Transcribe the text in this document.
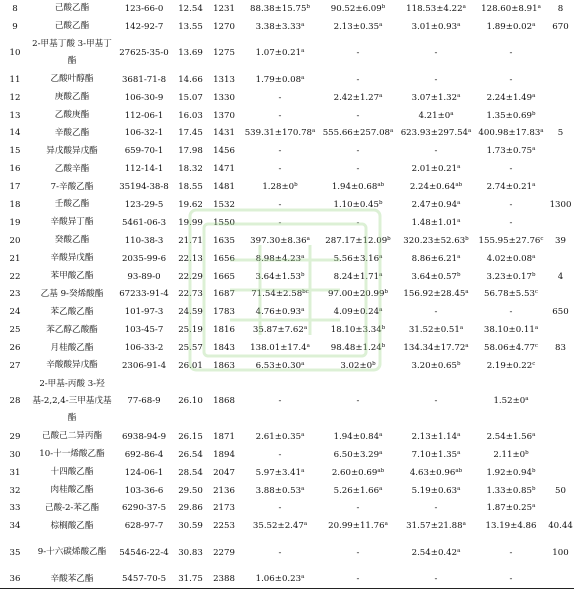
8	己酸乙酯	123-66-0	12.54	1231	88.38±15.75$^b$	90.52±6.09$^b$	118.53±4.22$^a$	128.60±8.91$^a$	8
9	己酸乙酯	142-92-7	13.55	1270	3.38±3.33$^a$	2.13±0.35$^a$	3.01±0.93$^a$	1.89±0.02$^a$	670
10	2-甲基丁酸 3-甲基丁酯	27625-35-0	13.69	1275	1.07±0.21$^a$	-	-	-	
11	乙酸叶醇酯	3681-71-8	14.66	1313	1.79±0.08$^a$	-	-	-	
12	庚酸乙酯	106-30-9	15.07	1330	-	2.42±1.27$^a$	3.07±1.32$^a$	2.24±1.49$^a$	
13	乙酸庚酯	112-06-1	16.03	1370	-	-	$4.21\pm 0^a$	1.35±0.69$^b$	
14	辛酸乙酯	106-32-1	17.45	1431	539.31±170.78$^a$	555.66±257.08$^a$	623.93±297.54$^a$	400.98±17.83$^a$	5
15	异戊酸异戊酯	659-70-1	17.98	1456	-	-	-	1.73±0.75$^a$	
16	乙酸辛酯	112-14-1	18.32	1471	-	-	2.01±0.21$^a$	-	
17	7-辛酸乙酯	35194-38-8	18.55	1481	$1.28\pm 0^b$	1.94±0.68$^{ab}$	2.24±0.64$^{ab}$	2.74±0.21$^a$	
18	壬酸乙酯	123-29-5	19.62	1532	-	1.10±0.45$^b$	2.47±0.94$^a$	-	1300
19	辛酸异丁酯	5461-06-3	19.99	1550	-	-	1.48±1.01$^a$	-	
20	癸酸乙酯	110-38-3	21.71	1635	397.30±8.36$^a$	287.17±12.09$^b$	320.23±52.63$^b$	155.95±27.76$^c$	39
21	辛酸异戊酯	2035-99-6	22.13	1656	8.98±4.23$^a$	5.56±3.16$^a$	8.86±6.21$^a$	4.02±0.08$^a$	
22	苯甲酸乙酯	93-89-0	22.29	1665	3.64±1.53$^b$	8.24±1.71$^a$	3.64±0.57$^b$	3.23±0.17$^b$	4
23	乙基 9-癸烯酸酯	67233-91-4	22.73	1687	71.54±2.58$^{bc}$	97.00±20.99$^b$	156.92±28.45$^a$	56.78±5.53$^c$	
24	苯乙酸乙酯	101-97-3	24.59	1783	4.76±0.93$^a$	4.09±0.24$^a$	-	-	650
25	苯乙醇乙酸酯	103-45-7	25.19	1816	35.87±7.62$^a$	18.10±3.34$^b$	31.52±0.51$^a$	38.10±0.11$^a$	
26	月桂酸乙酯	106-33-2	25.57	1843	138.01±17.4$^a$	98.48±1.24$^b$	134.34±17.72$^a$	58.06±4.77$^c$	83
27	辛酸酸异戊酯	2306-91-4	26.01	1863	6.53±0.30$^a$	$3.02\pm 0^b$	3.20±0.65$^b$	2.19±0.22$^c$	
28	2-甲基-丙酸 3-羟基-2,2,4-三甲基戊基酯	77-68-9	26.10	1868	-	-	-	$1.52\pm 0^a$	
29	己酸己二异丙酯	6938-94-9	26.15	1871	2.61±0.35$^a$	1.94±0.84$^a$	2.13±1.14$^a$	2.54±1.56$^a$	
30	10-十一烯酸乙酯	692-86-4	26.54	1894	-	6.50±3.29$^a$	7.10±1.35$^a$	$2.11\pm 0^b$	
31	十四酸乙酯	124-06-1	28.54	2047	5.97±3.41$^a$	2.60±0.69$^{ab}$	4.63±0.96$^{ab}$	1.92±0.94$^b$	
32	肉桂酸乙酯	103-36-6	29.50	2136	3.88±0.53$^a$	5.26±1.66$^a$	5.19±0.63$^a$	1.33±0.85$^b$	50
33	己酸-2-苯乙酯	6290-37-5	29.86	2173	-	-	-	1.87±0.25$^a$	
34	棕榈酸乙酯	628-97-7	30.59	2253	35.52±2.47$^a$	20.99±11.76$^a$	31.57±21.88$^a$	13.19±4.86	40.44
35	9-十六碳烯酸乙酯	54546-22-4	30.83	2279	-	-	2.54±0.42$^a$	-	100
36	辛酸苯乙酯	5457-70-5	31.75	2388	1.06±0.23$^a$	-	-	-	
